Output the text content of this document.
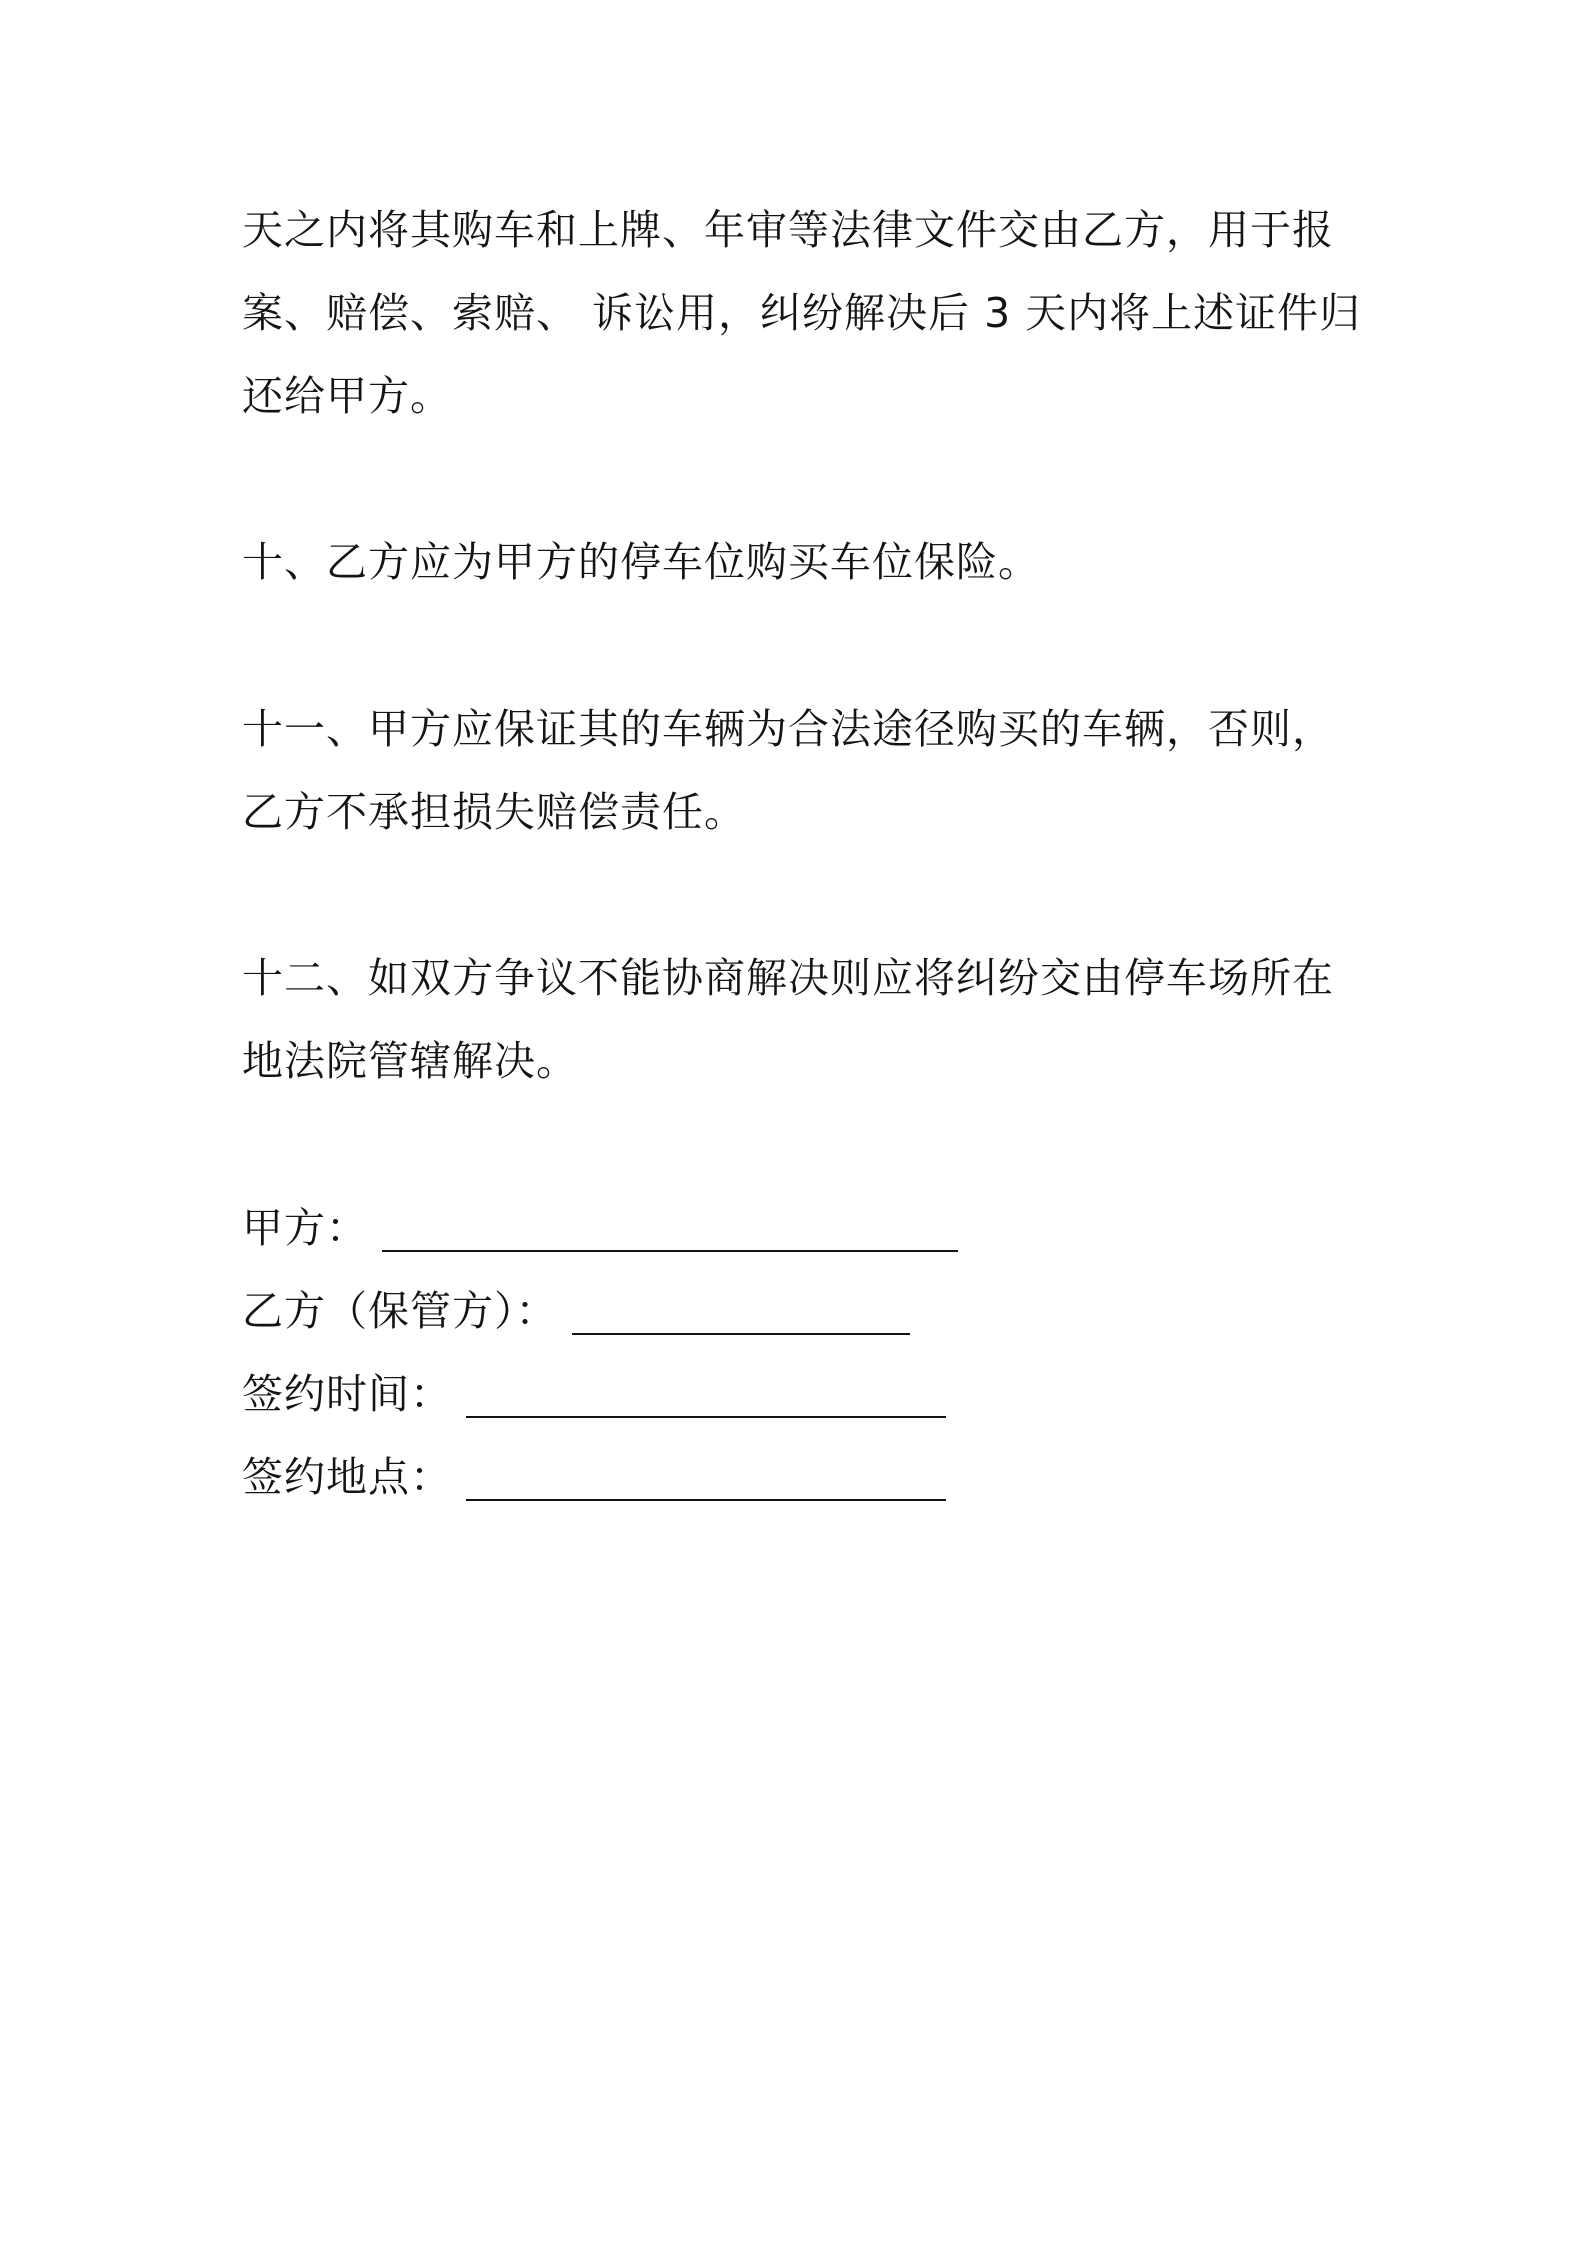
天之内将其购车和上牌、年审等法律文件交由乙方，用于报
案、赔偿、索赔、 诉讼用，纠纷解决后 3 天内将上述证件归
还给甲方。
十、乙方应为甲方的停车位购买车位保险。
十一、甲方应保证其的车辆为合法途径购买的车辆，否则，
乙方不承担损失赔偿责任。
十二、如双方争议不能协商解决则应将纠纷交由停车场所在
地法院管辖解决。
甲方：
乙方（保管方）：
签约时间：
签约地点：
